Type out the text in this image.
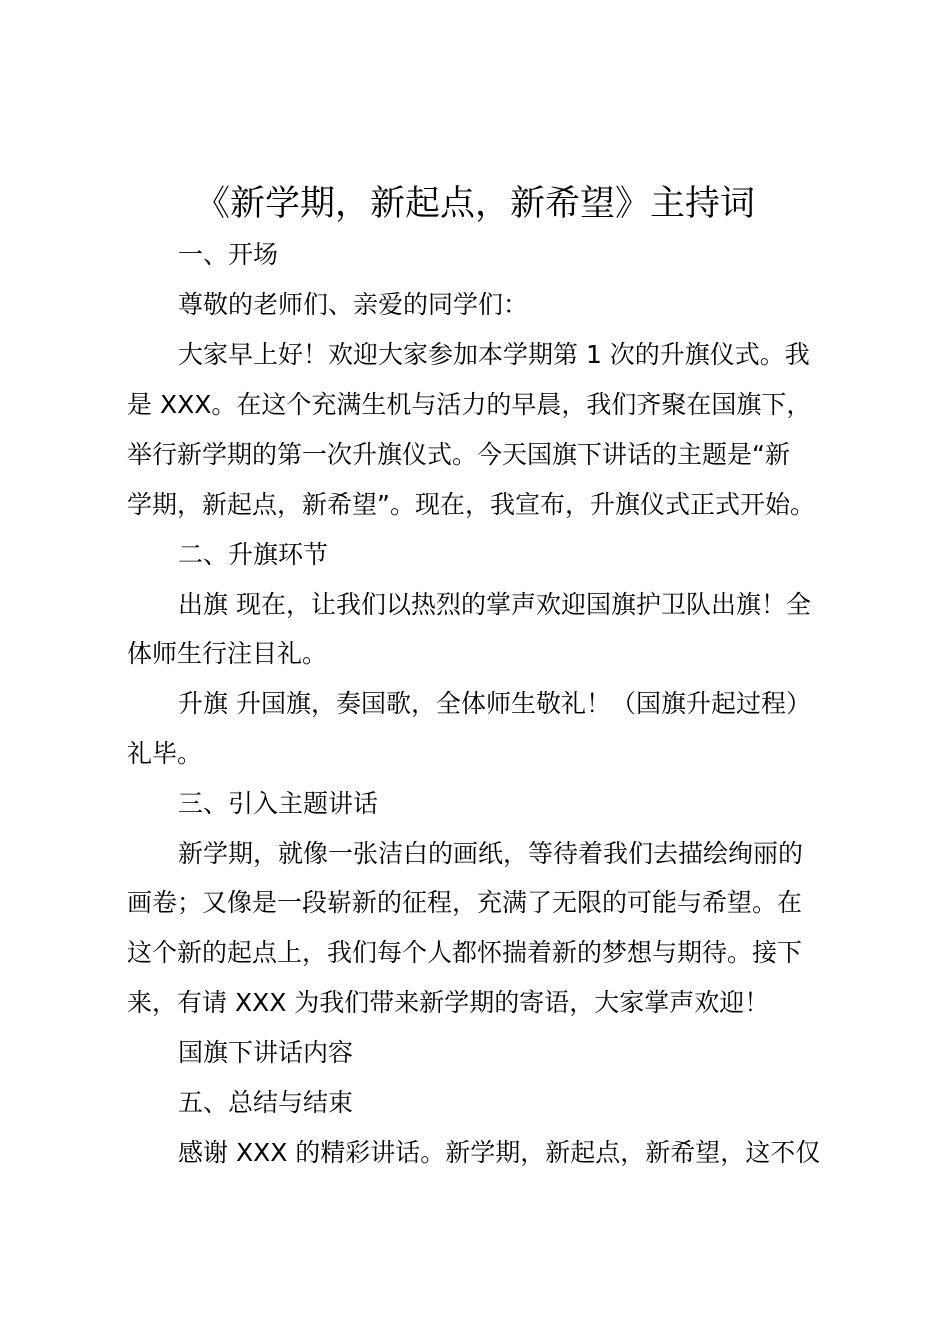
《新学期，新起点，新希望》主持词
一、开场
尊敬的老师们、亲爱的同学们：
大家早上好！欢迎大家参加本学期第 1 次的升旗仪式。我
是 XXX。在这个充满生机与活力的早晨，我们齐聚在国旗下，
举行新学期的第一次升旗仪式。今天国旗下讲话的主题是“新
学期，新起点，新希望”。现在，我宣布，升旗仪式正式开始。
二、升旗环节
出旗 现在，让我们以热烈的掌声欢迎国旗护卫队出旗！全
体师生行注目礼。
升旗 升国旗，奏国歌，全体师生敬礼！（国旗升起过程）
礼毕。
三、引入主题讲话
新学期，就像一张洁白的画纸，等待着我们去描绘绚丽的
画卷；又像是一段崭新的征程，充满了无限的可能与希望。在
这个新的起点上，我们每个人都怀揣着新的梦想与期待。接下
来，有请 XXX 为我们带来新学期的寄语，大家掌声欢迎！
国旗下讲话内容
五、总结与结束
感谢 XXX 的精彩讲话。新学期，新起点，新希望，这不仅
